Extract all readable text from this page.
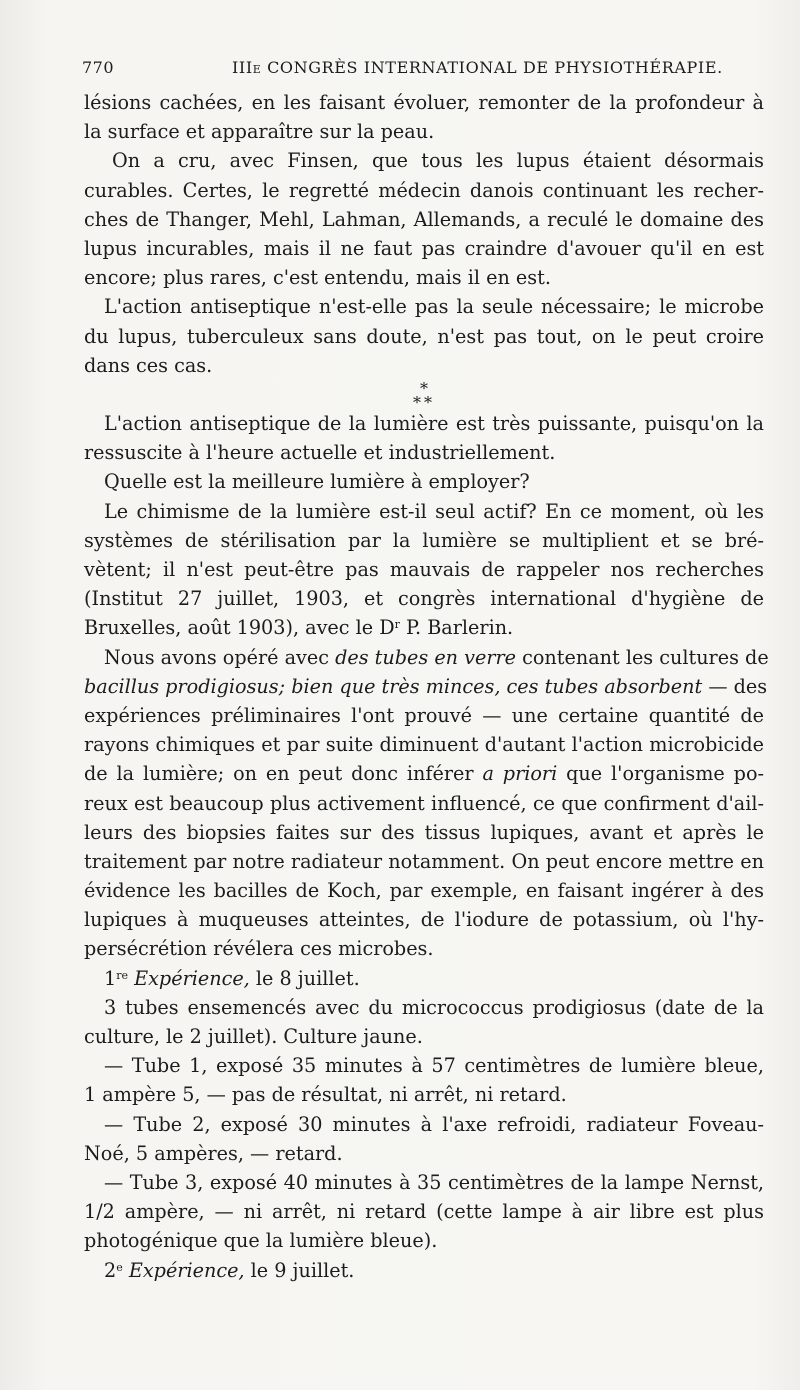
770	IIIe CONGRÈS INTERNATIONAL DE PHYSIOTHÉRAPIE.
lésions cachées, en les faisant évoluer, remonter de la profondeur à
la surface et apparaître sur la peau.
On a cru, avec Finsen, que tous les lupus étaient désormais
curables. Certes, le regretté médecin danois continuant les recher-
ches de Thanger, Mehl, Lahman, Allemands, a reculé le domaine des
lupus incurables, mais il ne faut pas craindre d'avouer qu'il en est
encore; plus rares, c'est entendu, mais il en est.
L'action antiseptique n'est-elle pas la seule nécessaire; le microbe
du lupus, tuberculeux sans doute, n'est pas tout, on le peut croire
dans ces cas.
*
**
L'action antiseptique de la lumière est très puissante, puisqu'on la
ressuscite à l'heure actuelle et industriellement.
Quelle est la meilleure lumière à employer?
Le chimisme de la lumière est-il seul actif? En ce moment, où les
systèmes de stérilisation par la lumière se multiplient et se bré-
vètent; il n'est peut-être pas mauvais de rappeler nos recherches
(Institut 27 juillet, 1903, et congrès international d'hygiène de
Bruxelles, août 1903), avec le $D^r$ P. Barlerin.
Nous avons opéré avec des tubes en verre contenant les cultures de
bacillus prodigiosus; bien que très minces, ces tubes absorbent — des
expériences préliminaires l'ont prouvé — une certaine quantité de
rayons chimiques et par suite diminuent d'autant l'action microbicide
de la lumière; on en peut donc inférer a priori que l'organisme po-
reux est beaucoup plus activement influencé, ce que confirment d'ail-
leurs des biopsies faites sur des tissus lupiques, avant et après le
traitement par notre radiateur notamment. On peut encore mettre en
évidence les bacilles de Koch, par exemple, en faisant ingérer à des
lupiques à muqueuses atteintes, de l'iodure de potassium, où l'hy-
persécrétion révélera ces microbes.
1re Expérience, le 8 juillet.
3 tubes ensemencés avec du micrococcus prodigiosus (date de la
culture, le 2 juillet). Culture jaune.
— Tube 1, exposé 35 minutes à 57 centimètres de lumière bleue,
1 ampère 5, — pas de résultat, ni arrêt, ni retard.
— Tube 2, exposé 30 minutes à l'axe refroidi, radiateur Foveau-
Noé, 5 ampères, — retard.
— Tube 3, exposé 40 minutes à 35 centimètres de la lampe Nernst,
1/2 ampère, — ni arrêt, ni retard (cette lampe à air libre est plus
photogénique que la lumière bleue).
2e Expérience, le 9 juillet.
